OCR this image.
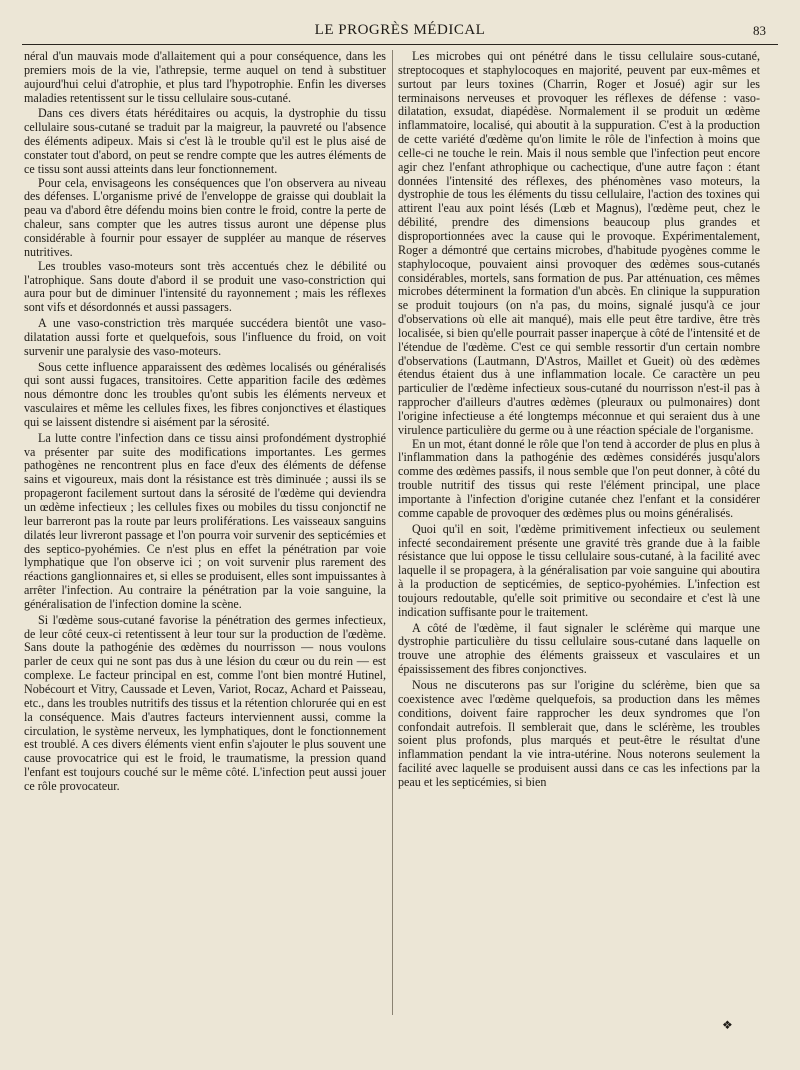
LE PROGRÈS MÉDICAL	83

néral d'un mauvais mode d'allaitement qui a pour conséquence, dans les premiers mois de la vie, l'athrepsie, terme auquel on tend à substituer aujourd'hui celui d'atrophie, et plus tard l'hypotrophie. Enfin les diverses maladies retentissent sur le tissu cellulaire sous-cutané.

Dans ces divers états héréditaires ou acquis, la dystrophie du tissu cellulaire sous-cutané se traduit par la maigreur, la pauvreté ou l'absence des éléments adipeux. Mais si c'est là le trouble qu'il est le plus aisé de constater tout d'abord, on peut se rendre compte que les autres éléments de ce tissu sont aussi atteints dans leur fonctionnement.

Pour cela, envisageons les conséquences que l'on observera au niveau des défenses. L'organisme privé de l'enveloppe de graisse qui doublait la peau va d'abord être défendu moins bien contre le froid, contre la perte de chaleur, sans compter que les autres tissus auront une dépense plus considérable à fournir pour essayer de suppléer au manque de réserves nutritives.

Les troubles vaso-moteurs sont très accentués chez le débilité ou l'atrophique. Sans doute d'abord il se produit une vaso-constriction qui aura pour but de diminuer l'intensité du rayonnement ; mais les réflexes sont vifs et désordonnés et aussi passagers.

A une vaso-constriction très marquée succédera bientôt une vaso-dilatation aussi forte et quelquefois, sous l'influence du froid, on voit survenir une paralysie des vaso-moteurs.

Sous cette influence apparaissent des œdèmes localisés ou généralisés qui sont aussi fugaces, transitoires. Cette apparition facile des œdèmes nous démontre donc les troubles qu'ont subis les éléments nerveux et vasculaires et même les cellules fixes, les fibres conjonctives et élastiques qui se laissent distendre si aisément par la sérosité.

La lutte contre l'infection dans ce tissu ainsi profondément dystrophié va présenter par suite des modifications importantes. Les germes pathogènes ne rencontrent plus en face d'eux des éléments de défense sains et vigoureux, mais dont la résistance est très diminuée ; aussi ils se propageront facilement surtout dans la sérosité de l'œdème qui deviendra un œdème infectieux ; les cellules fixes ou mobiles du tissu conjonctif ne leur barreront pas la route par leurs proliférations. Les vaisseaux sanguins dilatés leur livreront passage et l'on pourra voir survenir des septicémies et des septico-pyohémies. Ce n'est plus en effet la pénétration par voie lymphatique que l'on observe ici ; on voit survenir plus rarement des réactions ganglionnaires et, si elles se produisent, elles sont impuissantes à arrêter l'infection. Au contraire la pénétration par la voie sanguine, la généralisation de l'infection domine la scène.

Si l'œdème sous-cutané favorise la pénétration des germes infectieux, de leur côté ceux-ci retentissent à leur tour sur la production de l'œdème. Sans doute la pathogénie des œdèmes du nourrisson — nous voulons parler de ceux qui ne sont pas dus à une lésion du cœur ou du rein — est complexe. Le facteur principal en est, comme l'ont bien montré Hutinel, Nobécourt et Vitry, Caussade et Leven, Variot, Rocaz, Achard et Paisseau, etc., dans les troubles nutritifs des tissus et la rétention chlorurée qui en est la conséquence. Mais d'autres facteurs interviennent aussi, comme la circulation, le système nerveux, les lymphatiques, dont le fonctionnement est troublé. A ces divers éléments vient enfin s'ajouter le plus souvent une cause provocatrice qui est le froid, le traumatisme, la pression quand l'enfant est toujours couché sur le même côté. L'infection peut aussi jouer ce rôle provocateur.

Les microbes qui ont pénétré dans le tissu cellulaire sous-cutané, streptocoques et staphylocoques en majorité, peuvent par eux-mêmes et surtout par leurs toxines (Charrin, Roger et Josué) agir sur les terminaisons nerveuses et provoquer les réflexes de défense : vaso-dilatation, exsudat, diapédèse. Normalement il se produit un œdème inflammatoire, localisé, qui aboutit à la suppuration. C'est à la production de cette variété d'œdème qu'on limite le rôle de l'infection à moins que celle-ci ne touche le rein. Mais il nous semble que l'infection peut encore agir chez l'enfant athrophique ou cachectique, d'une autre façon : étant données l'intensité des réflexes, des phénomènes vaso moteurs, la dystrophie de tous les éléments du tissu cellulaire, l'action des toxines qui attirent l'eau aux point lésés (Lœb et Magnus), l'œdème peut, chez le débilité, prendre des dimensions beaucoup plus grandes et disproportionnées avec la cause qui le provoque. Expérimentalement, Roger a démontré que certains microbes, d'habitude pyogènes comme le staphylocoque, pouvaient ainsi provoquer des œdèmes sous-cutanés considérables, mortels, sans formation de pus. Par atténuation, ces mêmes microbes déterminent la formation d'un abcès. En clinique la suppuration se produit toujours (on n'a pas, du moins, signalé jusqu'à ce jour d'observations où elle ait manqué), mais elle peut être tardive, être très localisée, si bien qu'elle pourrait passer inaperçue à côté de l'intensité et de l'étendue de l'œdème. C'est ce qui semble ressortir d'un certain nombre d'observations (Lautmann, D'Astros, Maillet et Gueit) où des œdèmes étendus étaient dus à une inflammation locale. Ce caractère un peu particulier de l'œdème infectieux sous-cutané du nourrisson n'est-il pas à rapprocher d'ailleurs d'autres œdèmes (pleuraux ou pulmonaires) dont l'origine infectieuse a été longtemps méconnue et qui seraient dus à une virulence particulière du germe ou à une réaction spéciale de l'organisme.

En un mot, étant donné le rôle que l'on tend à accorder de plus en plus à l'inflammation dans la pathogénie des œdèmes considérés jusqu'alors comme des œdèmes passifs, il nous semble que l'on peut donner, à côté du trouble nutritif des tissus qui reste l'élément principal, une place importante à l'infection d'origine cutanée chez l'enfant et la considérer comme capable de provoquer des œdèmes plus ou moins généralisés.

Quoi qu'il en soit, l'œdème primitivement infectieux ou seulement infecté secondairement présente une gravité très grande due à la faible résistance que lui oppose le tissu cellulaire sous-cutané, à la facilité avec laquelle il se propagera, à la généralisation par voie sanguine qui aboutira à la production de septicémies, de septico-pyohémies. L'infection est toujours redoutable, qu'elle soit primitive ou secondaire et c'est là une indication suffisante pour le traitement.

A côté de l'œdème, il faut signaler le sclérème qui marque une dystrophie particulière du tissu cellulaire sous-cutané dans laquelle on trouve une atrophie des éléments graisseux et vasculaires et un épaississement des fibres conjonctives.

Nous ne discuterons pas sur l'origine du sclérème, bien que sa coexistence avec l'œdème quelquefois, sa production dans les mêmes conditions, doivent faire rapprocher les deux syndromes que l'on confondait autrefois. Il semblerait que, dans le sclérème, les troubles soient plus profonds, plus marqués et peut-être le résultat d'une inflammation pendant la vie intra-utérine. Nous noterons seulement la facilité avec laquelle se produisent aussi dans ce cas les infections par la peau et les septicémies, si bien

❖
